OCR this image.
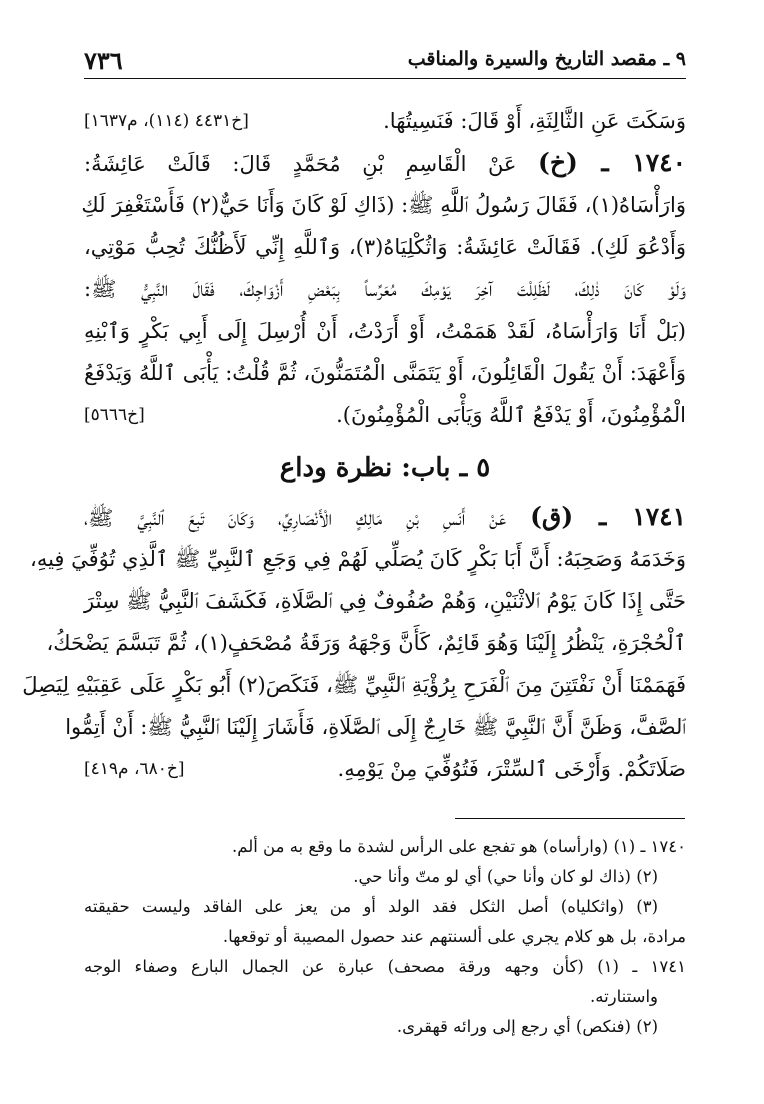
٧٣٦	٩ ـ مقصد التاريخ والسيرة والمناقب
وَسَكَتَ عَنِ الثَّالِثَةِ، أَوْ قَالَ: فَنَسِيتُهَا.
[خ٤٤٣١ (١١٤)، م١٦٣٧]
١٧٤٠ ـ (خ) عَنْ الْقَاسِمِ بْنِ مُحَمَّدٍ قَالَ: قَالَتْ عَائِشَةُ:
وَارَأْسَاهُ(١)، فَقَالَ رَسُولُ ٱللَّهِ ﷺ: (ذَاكِ لَوْ كَانَ وَأَنَا حَيٌّ(٢) فَأَسْتَغْفِرَ لَكِ
وَأَدْعُوَ لَكِ). فَقَالَتْ عَائِشَةُ: وَاثُكْلِيَاهُ(٣)، وَٱللَّهِ إِنِّي لَأَظُنُّكَ تُحِبُّ مَوْتِي،
وَلَوْ كَانَ ذٰلِكَ، لَظَلِلْتَ آخِرَ يَوْمِكَ مُعَرِّساً بِبَعْضِ أَزْوَاجِكَ، فَقَالَ النَّبِيُّ ﷺ:
(بَلْ أَنَا وَارَأْسَاهُ، لَقَدْ هَمَمْتُ، أَوْ أَرَدْتُ، أَنْ أُرْسِلَ إِلَى أَبِي بَكْرٍ وَٱبْنِهِ
وَأَعْهَدَ: أَنْ يَقُولَ الْقَائِلُونَ، أَوْ يَتَمَنَّى الْمُتَمَنُّونَ، ثُمَّ قُلْتُ: يَأْبَى ٱللَّهُ وَيَدْفَعُ
الْمُؤْمِنُونَ، أَوْ يَدْفَعُ ٱللَّهُ وَيَأْبَى الْمُؤْمِنُونَ).
[خ٥٦٦٦]
٥ ـ باب: نظرة وداع
١٧٤١ ـ (ق) عَنْ أَنَسِ بْنِ مَالِكٍ الْأَنْصَارِيِّ، وَكَانَ تَبِعَ ٱلنَّبِيَّ ﷺ،
وَخَدَمَهُ وَصَحِبَهُ: أَنَّ أَبَا بَكْرٍ كَانَ يُصَلِّي لَهُمْ فِي وَجَعِ ٱلنَّبِيِّ ﷺ ٱلَّذِي تُوُفِّيَ فِيهِ،
حَتَّى إِذَا كَانَ يَوْمُ ٱلاثْنَيْنِ، وَهُمْ صُفُوفٌ فِي ٱلصَّلَاةِ، فَكَشَفَ ٱلنَّبِيُّ ﷺ سِتْرَ
ٱلْحُجْرَةِ، يَنْظُرُ إِلَيْنَا وَهُوَ قَائِمٌ، كَأَنَّ وَجْهَهُ وَرَقَةُ مُصْحَفٍ(١)، ثُمَّ تَبَسَّمَ يَضْحَكُ،
فَهَمَمْنَا أَنْ نَفْتَتِنَ مِنَ ٱلْفَرَحِ بِرُؤْيَةِ ٱلنَّبِيِّ ﷺ، فَنَكَصَ(٢) أَبُو بَكْرٍ عَلَى عَقِبَيْهِ لِيَصِلَ
ٱلصَّفَّ، وَظَنَّ أَنَّ ٱلنَّبِيَّ ﷺ خَارِجٌ إِلَى ٱلصَّلَاةِ، فَأَشَارَ إِلَيْنَا ٱلنَّبِيُّ ﷺ: أَنْ أَتِمُّوا
صَلَاتَكُمْ. وَأَرْخَى ٱلسِّتْرَ، فَتُوُفِّيَ مِنْ يَوْمِهِ.
[خ٦٨٠، م٤١٩]
١٧٤٠ ـ (١) (وارأساه) هو تفجع على الرأس لشدة ما وقع به من ألم.
(٢) (ذاك لو كان وأنا حي) أي لو متّ وأنا حي.
(٣) (واثكلياه) أصل الثكل فقد الولد أو من يعز على الفاقد وليست حقيقته
مرادة، بل هو كلام يجري على ألسنتهم عند حصول المصيبة أو توقعها.
١٧٤١ ـ (١) (كأن وجهه ورقة مصحف) عبارة عن الجمال البارع وصفاء الوجه
واستنارته.
(٢) (فنكص) أي رجع إلى ورائه قهقرى.
